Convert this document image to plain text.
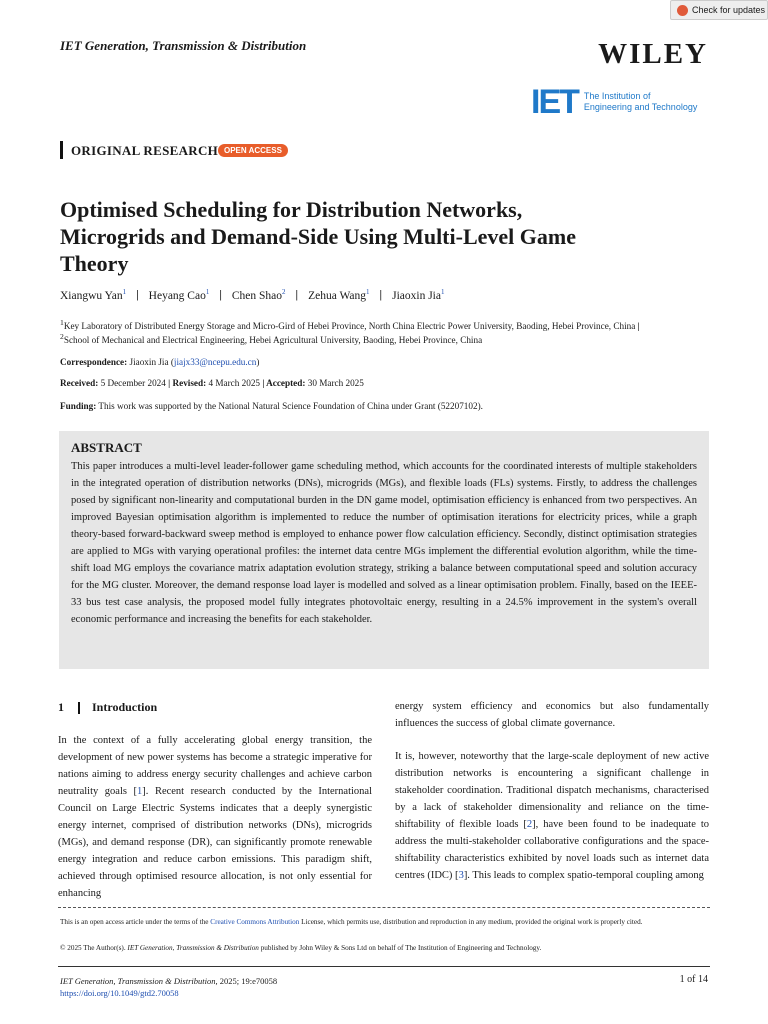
Check for updates
IET Generation, Transmission & Distribution	WILEY
IET The Institution of
Engineering and Technology
ORIGINAL RESEARCH OPEN ACCESS
Optimised Scheduling for Distribution Networks, Microgrids and Demand-Side Using Multi-Level Game Theory
Xiangwu Yan$^1$ | Heyang Cao$^1$ | Chen Shao$^2$ | Zehua Wang$^1$ | Jiaoxin Jia$^1$
$^1$Key Laboratory of Distributed Energy Storage and Micro-Gird of Hebei Province, North China Electric Power University, Baoding, Hebei Province, China |
$^2$School of Mechanical and Electrical Engineering, Hebei Agricultural University, Baoding, Hebei Province, China
Correspondence: Jiaoxin Jia (jiajx33@ncepu.edu.cn)
Received: 5 December 2024 | Revised: 4 March 2025 | Accepted: 30 March 2025
Funding: This work was supported by the National Natural Science Foundation of China under Grant (52207102).
ABSTRACT
This paper introduces a multi-level leader-follower game scheduling method, which accounts for the coordinated interests of multiple stakeholders in the integrated operation of distribution networks (DNs), microgrids (MGs), and flexible loads (FLs) systems. Firstly, to address the challenges posed by significant non-linearity and computational burden in the DN game model, optimisation efficiency is enhanced from two perspectives. An improved Bayesian optimisation algorithm is implemented to reduce the number of optimisation iterations for electricity prices, while a graph theory-based forward-backward sweep method is employed to enhance power flow calculation efficiency. Secondly, distinct optimisation strategies are applied to MGs with varying operational profiles: the internet data centre MGs implement the differential evolution algorithm, while the time-shift load MG employs the covariance matrix adaptation evolution strategy, striking a balance between computational speed and solution accuracy for the MG cluster. Moreover, the demand response load layer is modelled and solved as a linear optimisation problem. Finally, based on the IEEE-33 bus test case analysis, the proposed model fully integrates photovoltaic energy, resulting in a 24.5% improvement in the system's overall economic performance and increasing the benefits for each stakeholder.
1 Introduction
In the context of a fully accelerating global energy transition, the development of new power systems has become a strategic imperative for nations aiming to address energy security challenges and achieve carbon neutrality goals [1]. Recent research conducted by the International Council on Large Electric Systems indicates that a deeply synergistic energy internet, comprised of distribution networks (DNs), microgrids (MGs), and demand response (DR), can significantly promote renewable energy integration and reduce carbon emissions. This paradigm shift, achieved through optimised resource allocation, is not only essential for enhancing

energy system efficiency and economics but also fundamentally influences the success of global climate governance.

It is, however, noteworthy that the large-scale deployment of new active distribution networks is encountering a significant challenge in stakeholder coordination. Traditional dispatch mechanisms, characterised by a lack of stakeholder dimensionality and reliance on the time-shiftability of flexible loads [2], have been found to be inadequate to address the multi-stakeholder collaborative configurations and the space-shiftability characteristics exhibited by novel loads such as internet data centres (IDC) [3]. This leads to complex spatio-temporal coupling among

This is an open access article under the terms of the Creative Commons Attribution License, which permits use, distribution and reproduction in any medium, provided the original work is properly cited.
© 2025 The Author(s). IET Generation, Transmission & Distribution published by John Wiley & Sons Ltd on behalf of The Institution of Engineering and Technology.
IET Generation, Transmission & Distribution, 2025; 19:e70058
https://doi.org/10.1049/gtd2.70058
1 of 14
